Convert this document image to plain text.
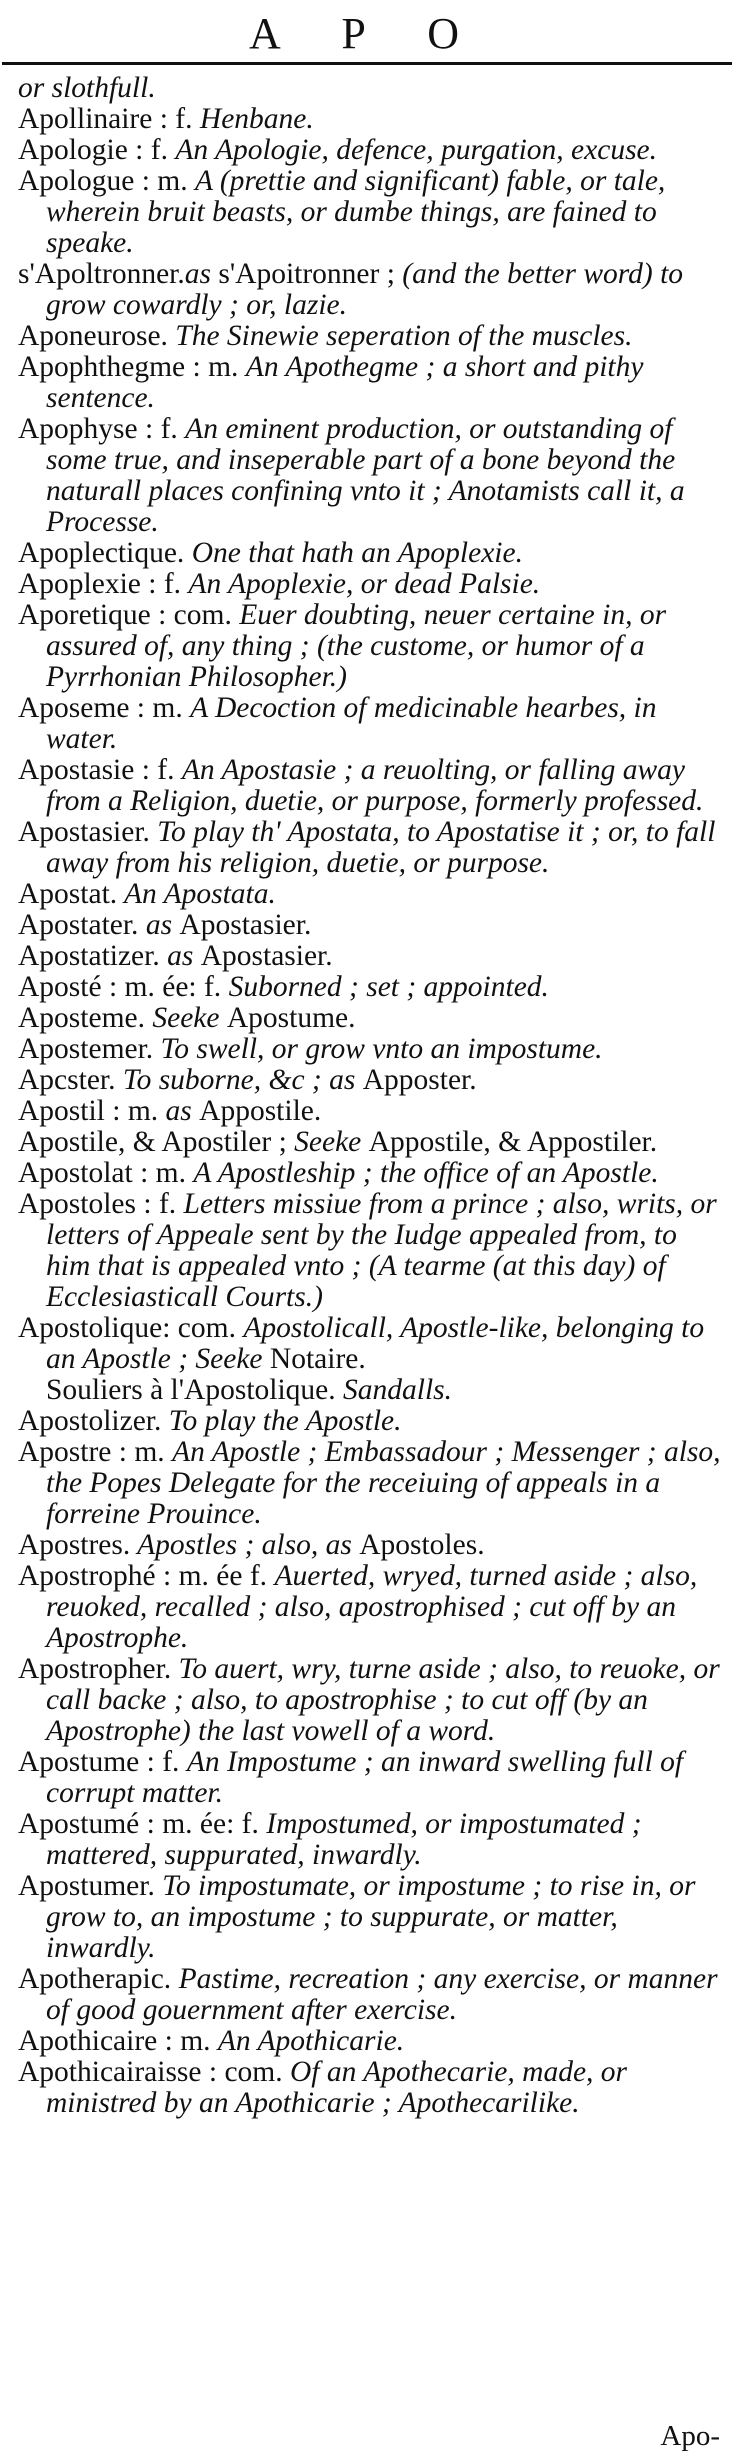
A P O

or slothfull.

Apollinaire : f. Henbane.

Apologie : f. An Apologie, defence, purgation, excuse.

Apologue : m. A (prettie and significant) fable, or tale, wherein bruit beasts, or dumbe things, are fained to speake.

s'Apoltronner.as s'Apoitronner ; (and the better word) to grow cowardly ; or, lazie.

Aponeurose. The Sinewie seperation of the muscles.

Apophthegme : m. An Apothegme ; a short and pithy sentence.

Apophyse : f. An eminent production, or outstanding of some true, and inseperable part of a bone beyond the naturall places confining vnto it ; Anotamists call it, a Processe.

Apoplectique. One that hath an Apoplexie.

Apoplexie : f. An Apoplexie, or dead Palsie.

Aporetique : com. Euer doubting, neuer certaine in, or assured of, any thing ; (the custome, or humor of a Pyrrhonian Philosopher.)

Aposeme : m. A Decoction of medicinable hearbes, in water.

Apostasie : f. An Apostasie ; a reuolting, or falling away from a Religion, duetie, or purpose, formerly professed.

Apostasier. To play th' Apostata, to Apostatise it ; or, to fall away from his religion, duetie, or purpose.

Apostat. An Apostata.

Apostater. as Apostasier.

Apostatizer. as Apostasier.

Aposté : m. ée: f. Suborned ; set ; appointed.

Aposteme. Seeke Apostume.

Apostemer. To swell, or grow vnto an impostume.

Apcster. To suborne, &c ; as Apposter.

Apostil : m. as Appostile.

Apostile, & Apostiler ; Seeke Appostile, & Appostiler.

Apostolat : m. A Apostleship ; the office of an Apostle.

Apostoles : f. Letters missiue from a prince ; also, writs, or letters of Appeale sent by the Iudge appealed from, to him that is appealed vnto ; (A tearme (at this day) of Ecclesiasticall Courts.)

Apostolique: com. Apostolicall, Apostle-like, belonging to an Apostle ; Seeke Notaire.

Souliers à l'Apostolique. Sandalls.

Apostolizer. To play the Apostle.

Apostre : m. An Apostle ; Embassadour ; Messenger ; also, the Popes Delegate for the receiuing of appeals in a forreine Prouince.

Apostres. Apostles ; also, as Apostoles.

Apostrophé : m. ée f. Auerted, wryed, turned aside ; also, reuoked, recalled ; also, apostrophised ; cut off by an Apostrophe.

Apostropher. To auert, wry, turne aside ; also, to reuoke, or call backe ; also, to apostrophise ; to cut off (by an Apostrophe) the last vowell of a word.

Apostume : f. An Impostume ; an inward swelling full of corrupt matter.

Apostumé : m. ée: f. Impostumed, or impostumated ; mattered, suppurated, inwardly.

Apostumer. To impostumate, or impostume ; to rise in, or grow to, an impostume ; to suppurate, or matter, inwardly.

Apotherapic. Pastime, recreation ; any exercise, or manner of good gouernment after exercise.

Apothicaire : m. An Apothicarie.

Apothicairaisse : com. Of an Apothecarie, made, or ministred by an Apothicarie ; Apothecarilike.

Apo-
